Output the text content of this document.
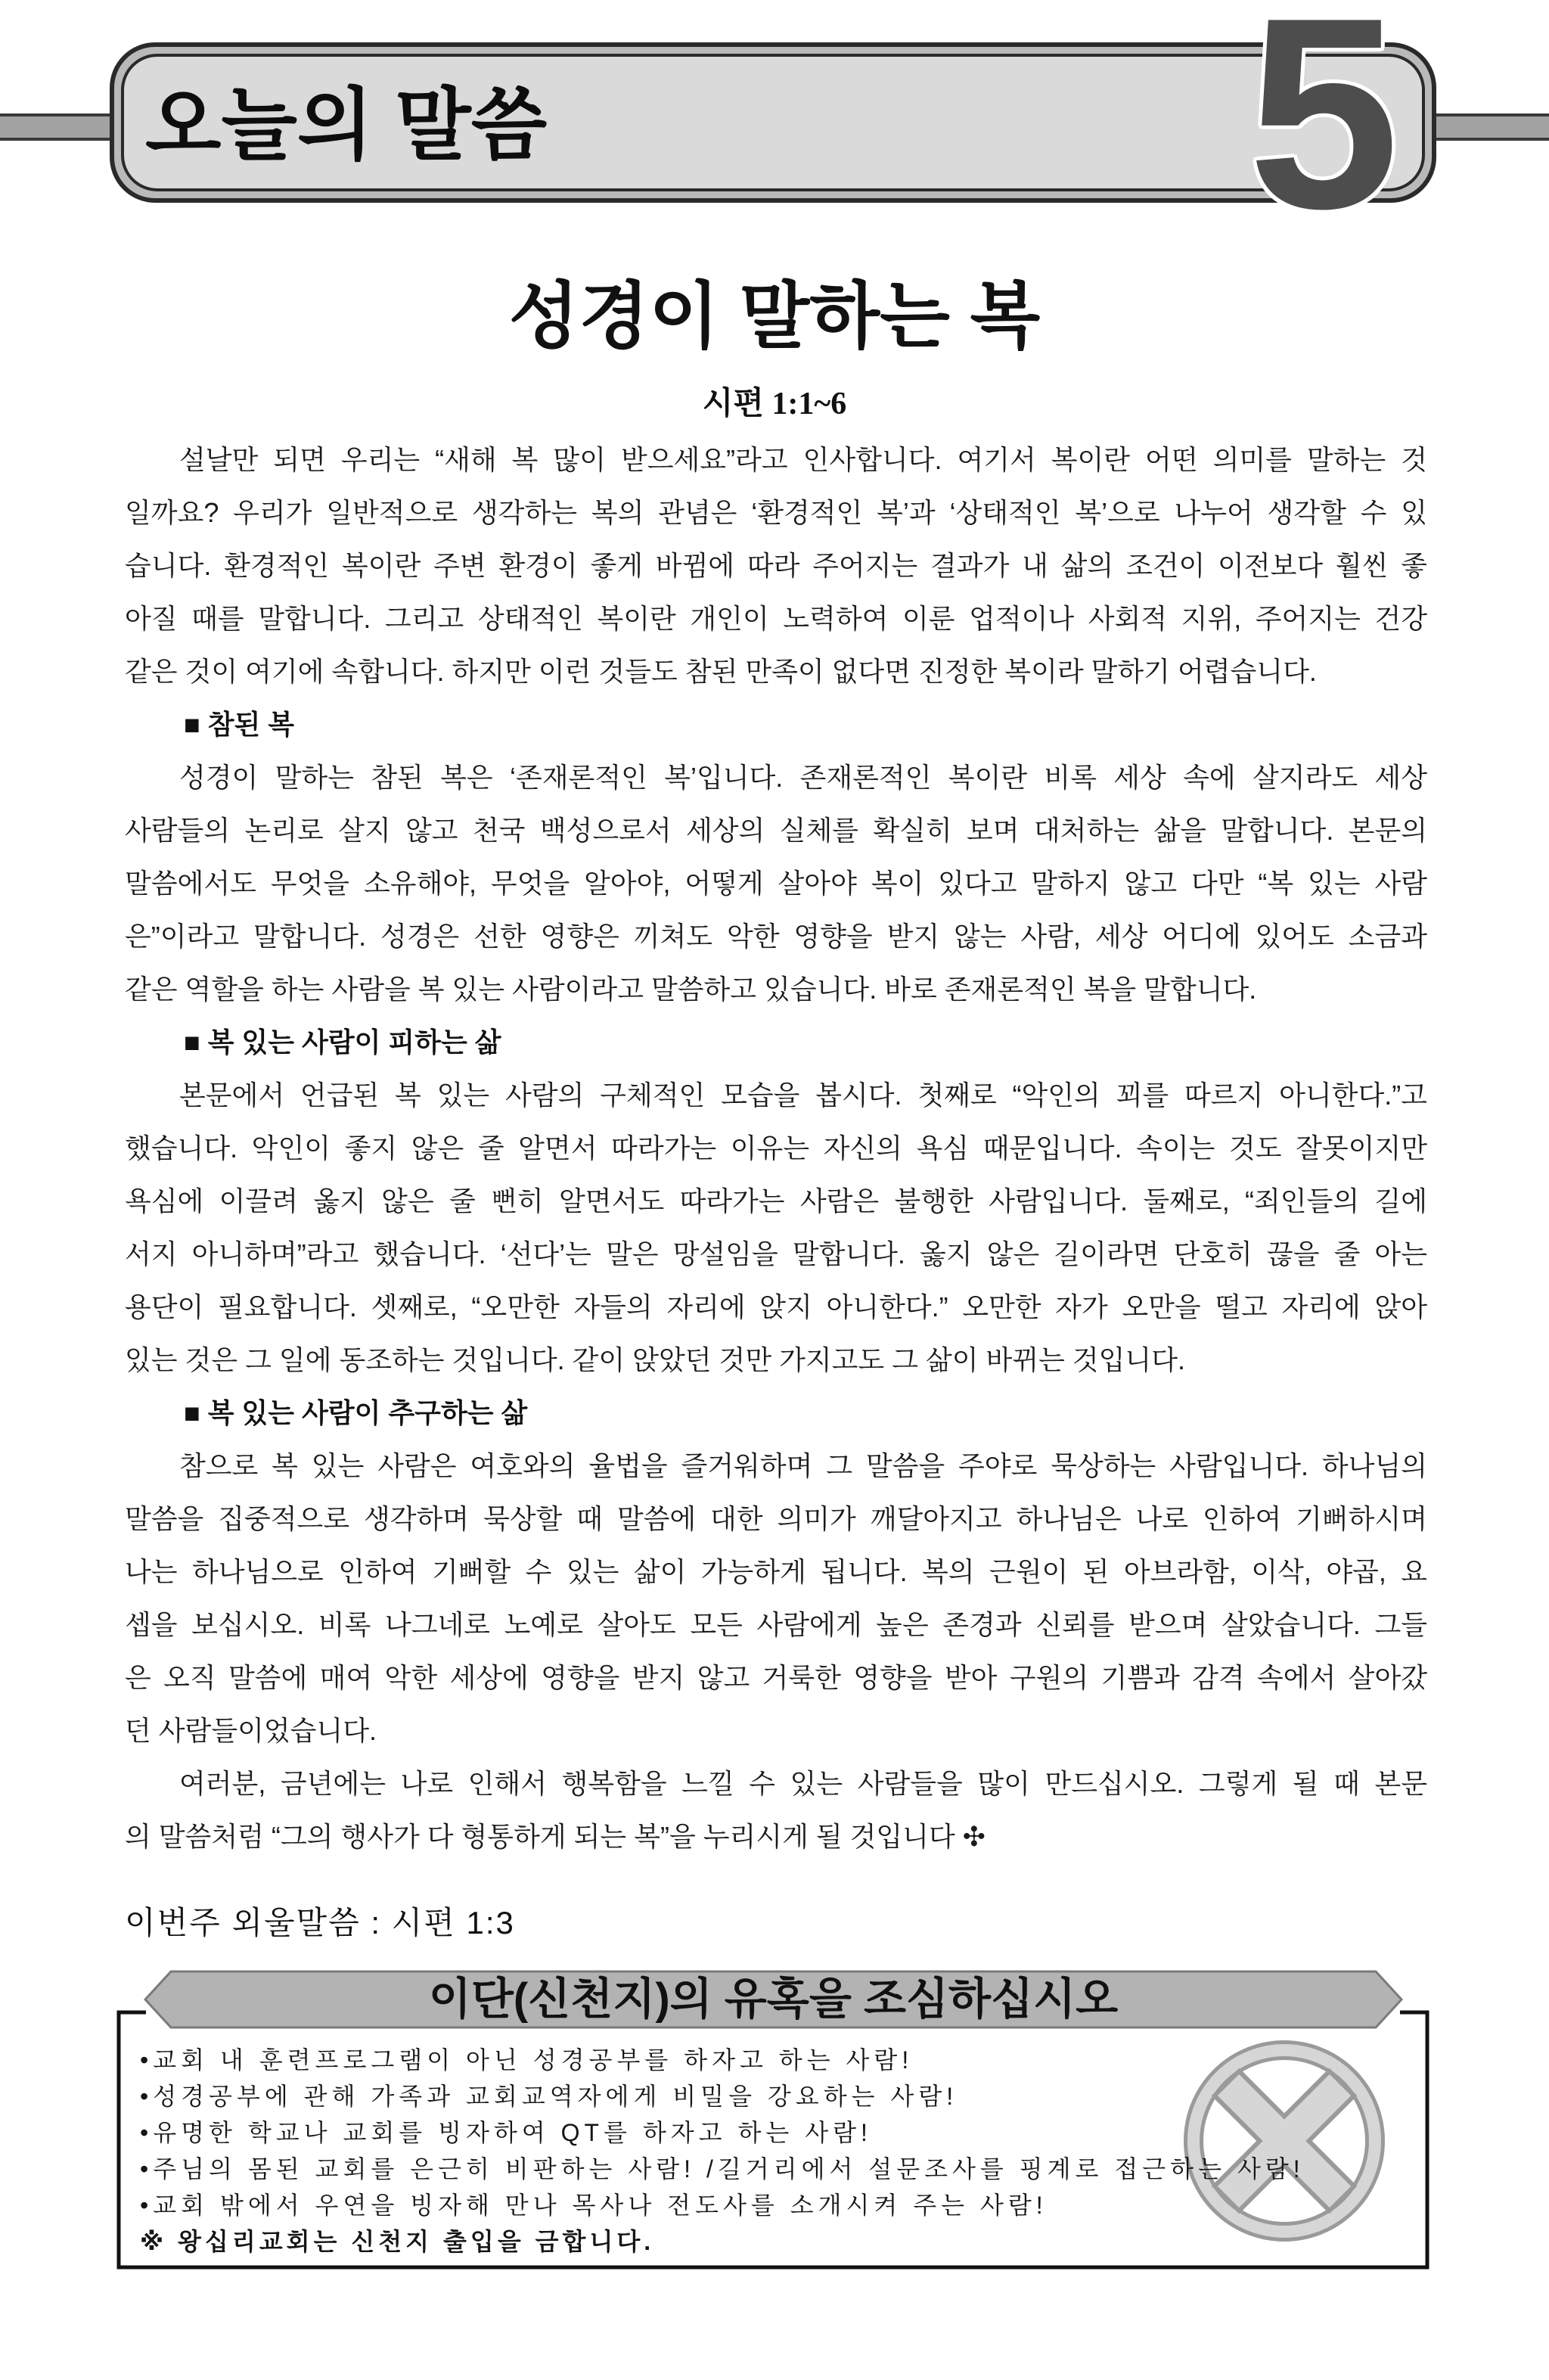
오늘의 말씀	5
성경이 말하는 복
시편 1:1~6
설날만 되면 우리는 “새해 복 많이 받으세요”라고 인사합니다. 여기서 복이란 어떤 의미를 말하는 것
일까요? 우리가 일반적으로 생각하는 복의 관념은 ‘환경적인 복’과 ‘상태적인 복’으로 나누어 생각할 수 있
습니다. 환경적인 복이란 주변 환경이 좋게 바뀜에 따라 주어지는 결과가 내 삶의 조건이 이전보다 훨씬 좋
아질 때를 말합니다. 그리고 상태적인 복이란 개인이 노력하여 이룬 업적이나 사회적 지위, 주어지는 건강
같은 것이 여기에 속합니다. 하지만 이런 것들도 참된 만족이 없다면 진정한 복이라 말하기 어렵습니다.
■ 참된 복
성경이 말하는 참된 복은 ‘존재론적인 복’입니다. 존재론적인 복이란 비록 세상 속에 살지라도 세상
사람들의 논리로 살지 않고 천국 백성으로서 세상의 실체를 확실히 보며 대처하는 삶을 말합니다. 본문의
말씀에서도 무엇을 소유해야, 무엇을 알아야, 어떻게 살아야 복이 있다고 말하지 않고 다만 “복 있는 사람
은”이라고 말합니다. 성경은 선한 영향은 끼쳐도 악한 영향을 받지 않는 사람, 세상 어디에 있어도 소금과
같은 역할을 하는 사람을 복 있는 사람이라고 말씀하고 있습니다. 바로 존재론적인 복을 말합니다.
■ 복 있는 사람이 피하는 삶
본문에서 언급된 복 있는 사람의 구체적인 모습을 봅시다. 첫째로 “악인의 꾀를 따르지 아니한다.”고
했습니다. 악인이 좋지 않은 줄 알면서 따라가는 이유는 자신의 욕심 때문입니다. 속이는 것도 잘못이지만
욕심에 이끌려 옳지 않은 줄 뻔히 알면서도 따라가는 사람은 불행한 사람입니다. 둘째로, “죄인들의 길에
서지 아니하며”라고 했습니다. ‘선다’는 말은 망설임을 말합니다. 옳지 않은 길이라면 단호히 끊을 줄 아는
용단이 필요합니다. 셋째로, “오만한 자들의 자리에 앉지 아니한다.” 오만한 자가 오만을 떨고 자리에 앉아
있는 것은 그 일에 동조하는 것입니다. 같이 앉았던 것만 가지고도 그 삶이 바뀌는 것입니다.
■ 복 있는 사람이 추구하는 삶
참으로 복 있는 사람은 여호와의 율법을 즐거워하며 그 말씀을 주야로 묵상하는 사람입니다. 하나님의
말씀을 집중적으로 생각하며 묵상할 때 말씀에 대한 의미가 깨달아지고 하나님은 나로 인하여 기뻐하시며
나는 하나님으로 인하여 기뻐할 수 있는 삶이 가능하게 됩니다. 복의 근원이 된 아브라함, 이삭, 야곱, 요
셉을 보십시오. 비록 나그네로 노예로 살아도 모든 사람에게 높은 존경과 신뢰를 받으며 살았습니다. 그들
은 오직 말씀에 매여 악한 세상에 영향을 받지 않고 거룩한 영향을 받아 구원의 기쁨과 감격 속에서 살아갔
던 사람들이었습니다.
여러분, 금년에는 나로 인해서 행복함을 느낄 수 있는 사람들을 많이 만드십시오. 그렇게 될 때 본문
의 말씀처럼 “그의 행사가 다 형통하게 되는 복”을 누리시게 될 것입니다 ✣
이번주 외울말씀 : 시편 1:3
이단(신천지)의 유혹을 조심하십시오
•교회 내 훈련프로그램이 아닌 성경공부를 하자고 하는 사람!
•성경공부에 관해 가족과 교회교역자에게 비밀을 강요하는 사람!
•유명한 학교나 교회를 빙자하여 QT를 하자고 하는 사람!
•주님의 몸된 교회를 은근히 비판하는 사람! /길거리에서 설문조사를 핑계로 접근하는 사람!
•교회 밖에서 우연을 빙자해 만나 목사나 전도사를 소개시켜 주는 사람!
※ 왕십리교회는 신천지 출입을 금합니다.
